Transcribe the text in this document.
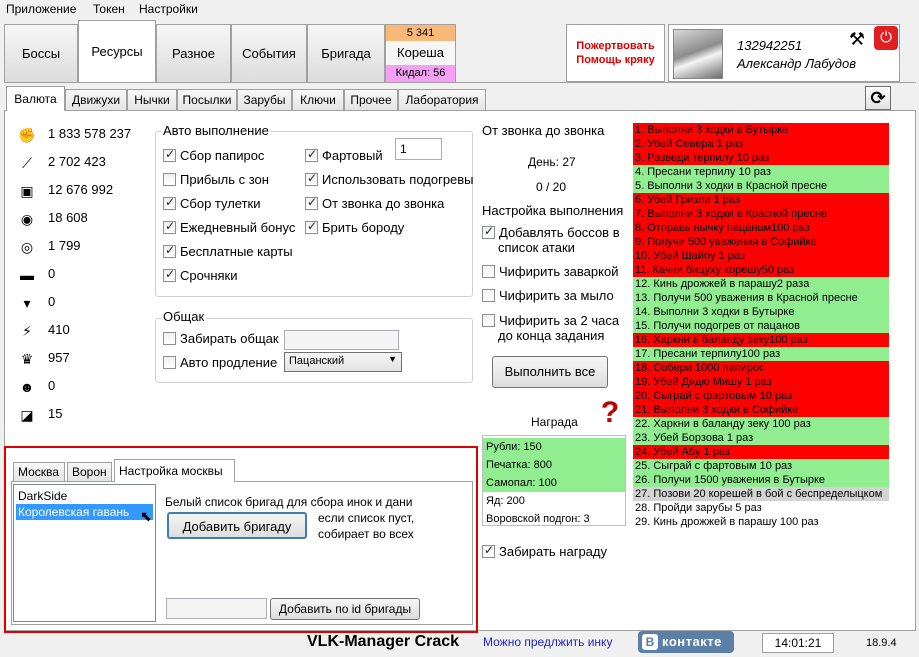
Приложение Токен Настройки
Боссы Ресурсы Разное События Бригада
5 341
Кореша
Кидал: 56
Пожертвовать
Помощь кряку
132942251
Александр Лабудов
⚒	⏻
Валюта	Движухи	Нычки	Посылки	Зарубы	Ключи	Прочее	Лаборатория	⟳
✊ 1 833 578 237
⟋	2 702 423
▣ 12 676 992
◉ 18 608
◎ 1 799
▬ 0
▾	0
⚡	410
♛ 957
☻ 0
◪ 15
Авто выполнение
✓Сбор папирос
Прибыль с зон
✓Сбор тулетки
✓Ежедневный бонус
✓Бесплатные карты
✓Срочняки
✓Фартовый
✓Использовать подогревы
✓От звонка до звонка
✓Брить бороду
1
Общак
Забирать общак
Авто продление	Пацанский	▼
От звонка до звонка
День: 27
0 / 20
Настройка выполнения
✓Добавлять боссов в
список атаки
Чифирить заваркой
Чифирить за мыло
Чифирить за 2 часа
до конца задания
Выполнить все
Награда ?
Рубли: 150
Печатка: 800
Самопал: 100
Яд: 200
Воровской подгон: 3
✓Забирать награду
1. Выполни 3 ходки в Бутырке
2. Убей Севера 1 раз
3. Разведи терпилу 10 раз
4. Пресани терпилу 10 раз
5. Выполни 3 ходки в Красной пресне
6. Убей Гризли 1 раз
7. Выполни 3 ходки в Красной пресне
8. Отправь нычку пацанам100 раз
9. Получи 500 уважения в Софийке
10. Убей Шайбу 1 раз
11. Качни бицуху корешу50 раз
12. Кинь дрожжей в парашу2 раза
13. Получи 500 уважения в Красной пресне
14. Выполни 3 ходки в Бутырке
15. Получи подогрев от пацанов
16. Харкни в баланду зеку100 раз
17. Пресани терпилу100 раз
18. Собери 1000 папирос
19. Убей Дядю Мишу 1 раз
20. Сыграй с фартовым 10 раз
21. Выполни 3 ходки в Софийке
22. Харкни в баланду зеку 100 раз
23. Убей Борзова 1 раз
24. Убей Абу 1 раз
25. Сыграй с фартовым 10 раз
26. Получи 1500 уважения в Бутырке
27. Позови 20 корешей в бой с беспределыцком
28. Пройди зарубы 5 раз
29. Кинь дрожжей в парашу 100 раз
Москва	Ворон	Настройка москвы
DarkSide
Королевская гавань ⬉
Белый список бригад для сбора инок и дани
если список пуст,
собирает во всех
Добавить бригаду
Добавить по id бригады
VLK-Manager Crack Можно предлжить инку	В контакте	14:01:21	18.9.4
